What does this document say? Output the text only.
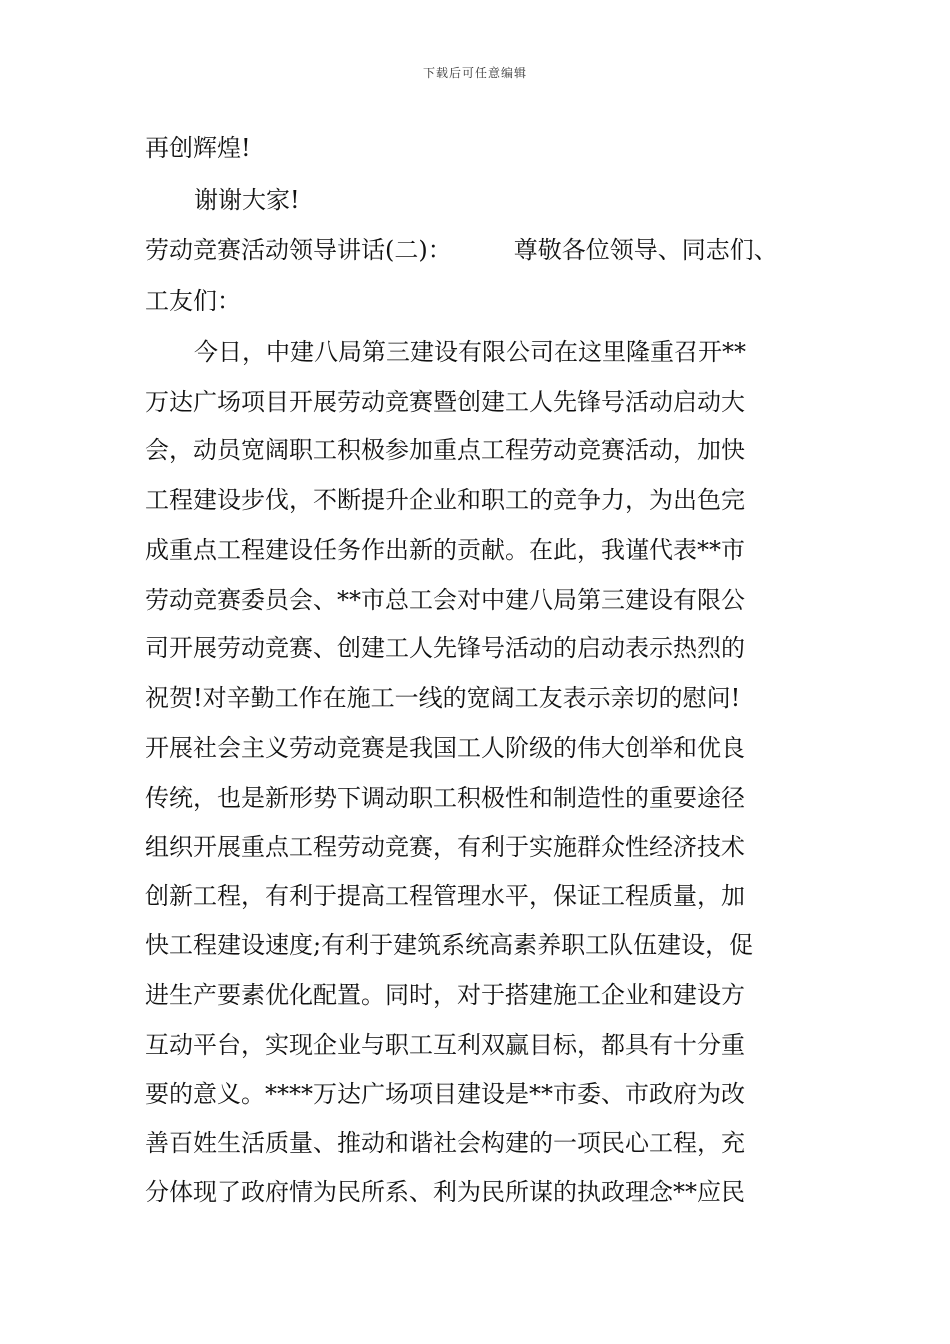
下载后可任意编辑
再创辉煌!
谢谢大家!
劳动竞赛活动领导讲话(二)：	尊敬各位领导、同志们、
工友们：
今日，中建八局第三建设有限公司在这里隆重召开**
万达广场项目开展劳动竞赛暨创建工人先锋号活动启动大
会，动员宽阔职工积极参加重点工程劳动竞赛活动，加快
工程建设步伐，不断提升企业和职工的竞争力，为出色完
成重点工程建设任务作出新的贡献。在此，我谨代表**市
劳动竞赛委员会、**市总工会对中建八局第三建设有限公
司开展劳动竞赛、创建工人先锋号活动的启动表示热烈的
祝贺!对辛勤工作在施工一线的宽阔工友表示亲切的慰问!
开展社会主义劳动竞赛是我国工人阶级的伟大创举和优良
传统，也是新形势下调动职工积极性和制造性的重要途径
组织开展重点工程劳动竞赛，有利于实施群众性经济技术
创新工程，有利于提高工程管理水平，保证工程质量，加
快工程建设速度;有利于建筑系统高素养职工队伍建设，促
进生产要素优化配置。同时，对于搭建施工企业和建设方
互动平台，实现企业与职工互利双赢目标，都具有十分重
要的意义。****万达广场项目建设是**市委、市政府为改
善百姓生活质量、推动和谐社会构建的一项民心工程，充
分体现了政府情为民所系、利为民所谋的执政理念**应民
